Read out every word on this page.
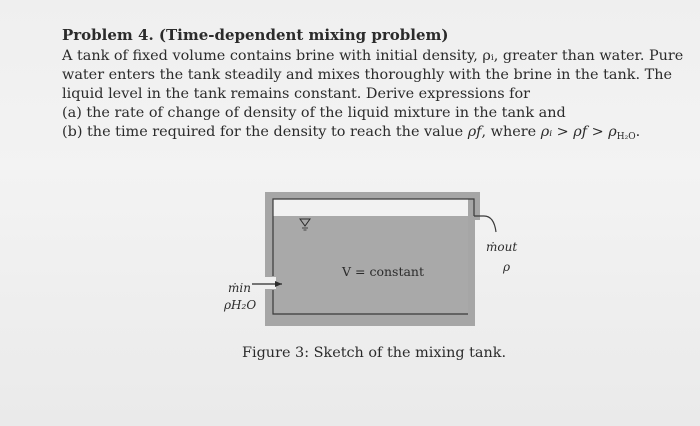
Problem 4. (Time-dependent mixing problem)
A tank of fixed volume contains brine with initial density, ρᵢ, greater than water. Pure
water enters the tank steadily and mixes thoroughly with the brine in the tank. The
liquid level in the tank remains constant. Derive expressions for
(a) the rate of change of density of the liquid mixture in the tank and
(b) the time required for the density to reach the value ρf, where ρᵢ > $\rho f > \rho_{H_2O}$.
V = constant
ṁout
ρ
ṁin
ρH₂O
Figure 3: Sketch of the mixing tank.
